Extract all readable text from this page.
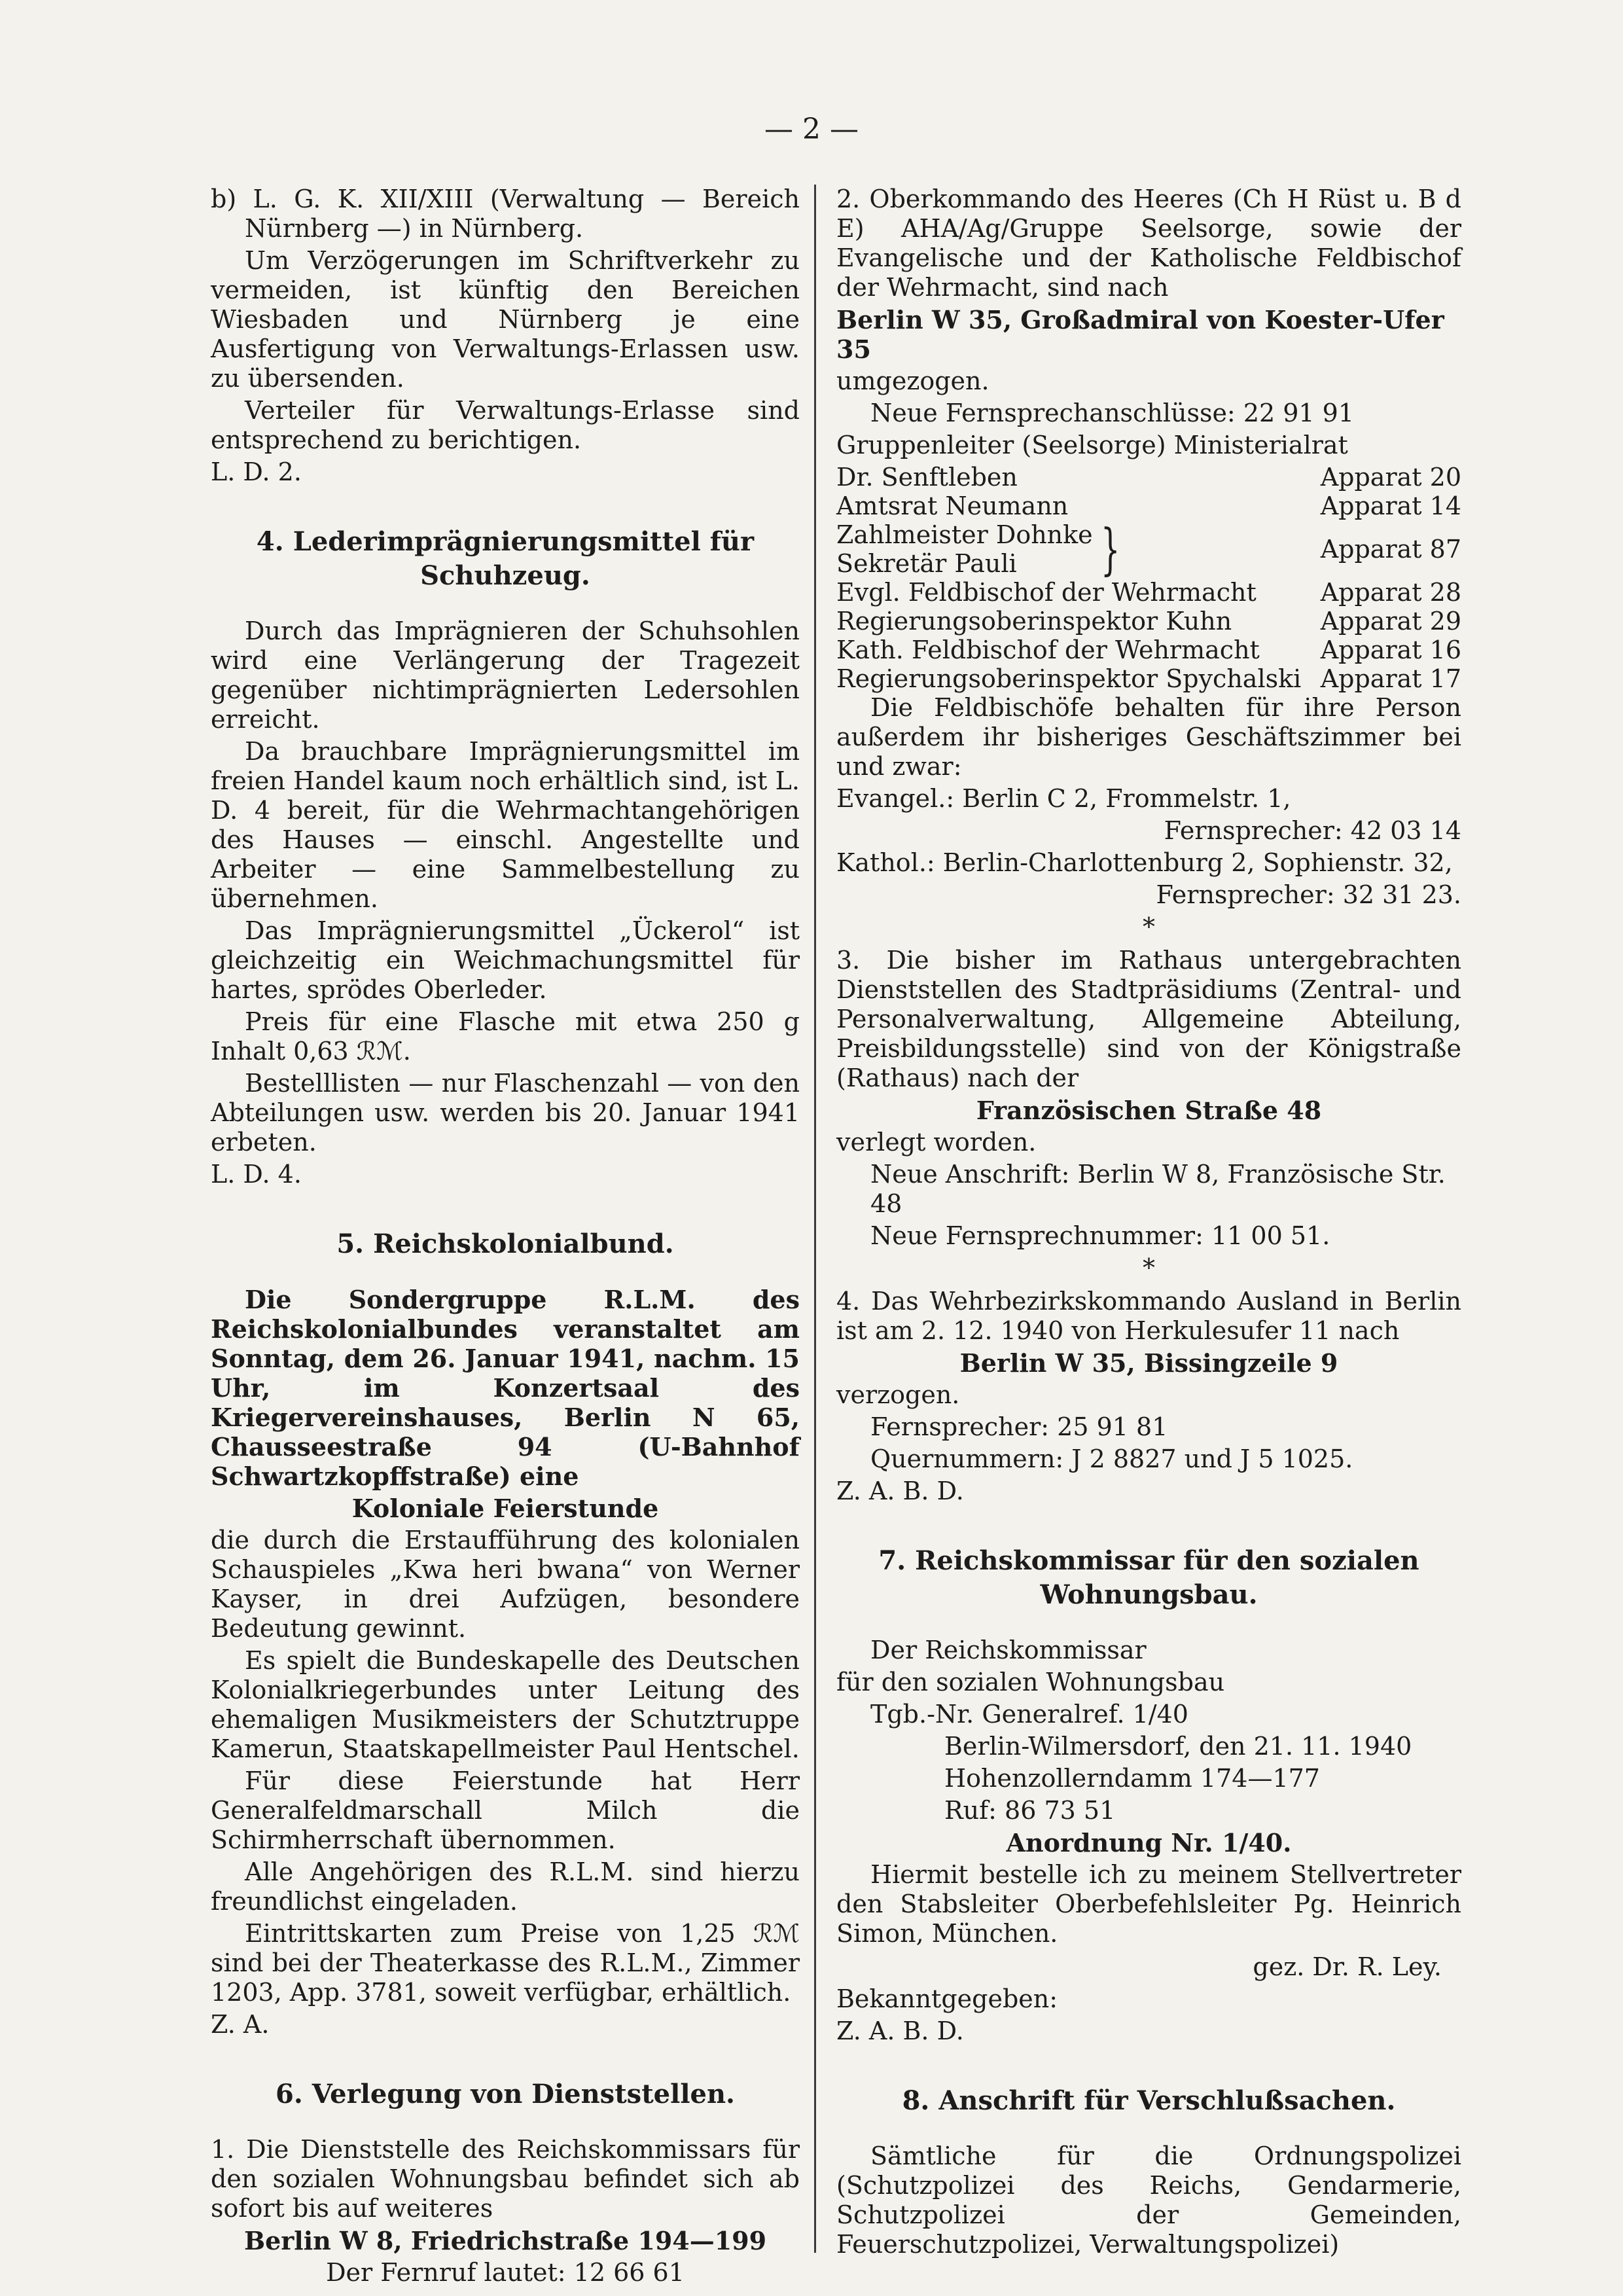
— 2 —

b) L. G. K. XII/XIII (Verwaltung — Bereich Nürnberg —) in Nürnberg.

Um Verzögerungen im Schriftverkehr zu vermeiden, ist künftig den Bereichen Wiesbaden und Nürnberg je eine Ausfertigung von Verwaltungs-Erlassen usw. zu übersenden.

Verteiler für Verwaltungs-Erlasse sind entsprechend zu berichtigen.

L. D. 2.

4. Lederimprägnierungsmittel für Schuhzeug.

Durch das Imprägnieren der Schuhsohlen wird eine Verlängerung der Tragezeit gegenüber nichtimprägnierten Ledersohlen erreicht.

Da brauchbare Imprägnierungsmittel im freien Handel kaum noch erhältlich sind, ist L. D. 4 bereit, für die Wehrmachtangehörigen des Hauses — einschl. Angestellte und Arbeiter — eine Sammelbestellung zu übernehmen.

Das Imprägnierungsmittel „Ückerol“ ist gleichzeitig ein Weichmachungsmittel für hartes, sprödes Oberleder.

Preis für eine Flasche mit etwa 250 g Inhalt 0,63 ℛℳ.

Bestelllisten — nur Flaschenzahl — von den Abteilungen usw. werden bis 20. Januar 1941 erbeten.

L. D. 4.

5. Reichskolonialbund.

Die Sondergruppe R.L.M. des Reichskolonialbundes veranstaltet am Sonntag, dem 26. Januar 1941, nachm. 15 Uhr, im Konzertsaal des Kriegervereinshauses, Berlin N 65, Chausseestraße 94 (U-Bahnhof Schwartzkopffstraße) eine

Koloniale Feierstunde

die durch die Erstaufführung des kolonialen Schauspieles „Kwa heri bwana“ von Werner Kayser, in drei Aufzügen, besondere Bedeutung gewinnt.

Es spielt die Bundeskapelle des Deutschen Kolonialkriegerbundes unter Leitung des ehemaligen Musikmeisters der Schutztruppe Kamerun, Staatskapellmeister Paul Hentschel.

Für diese Feierstunde hat Herr Generalfeldmarschall Milch die Schirmherrschaft übernommen.

Alle Angehörigen des R.L.M. sind hierzu freundlichst eingeladen.

Eintrittskarten zum Preise von 1,25 ℛℳ sind bei der Theaterkasse des R.L.M., Zimmer 1203, App. 3781, soweit verfügbar, erhältlich.

Z. A.

6. Verlegung von Dienststellen.

1. Die Dienststelle des Reichskommissars für den sozialen Wohnungsbau befindet sich ab sofort bis auf weiteres

Berlin W 8, Friedrichstraße 194—199

Der Fernruf lautet: 12 66 61

2. Oberkommando des Heeres (Ch H Rüst u. B d E) AHA/Ag/Gruppe Seelsorge, sowie der Evangelische und der Katholische Feldbischof der Wehrmacht, sind nach

Berlin W 35, Großadmiral von Koester-Ufer 35

umgezogen.

Neue Fernsprechanschlüsse: 22 91 91

Gruppenleiter (Seelsorge) Ministerialrat

Dr. Senftleben	Apparat 20
Amtsrat Neumann	Apparat 14

Zahlmeister Dohnke
Sekretär Pauli }	Apparat 87
Evgl. Feldbischof der Wehrmacht	Apparat 28
Regierungsoberinspektor Kuhn	Apparat 29
Kath. Feldbischof der Wehrmacht	Apparat 16
Regierungsoberinspektor Spychalski	Apparat 17

Die Feldbischöfe behalten für ihre Person außerdem ihr bisheriges Geschäftszimmer bei und zwar:

Evangel.: Berlin C 2, Frommelstr. 1,

Fernsprecher: 42 03 14

Kathol.: Berlin-Charlottenburg 2, Sophienstr. 32,

Fernsprecher: 32 31 23.

*

3. Die bisher im Rathaus untergebrachten Dienststellen des Stadtpräsidiums (Zentral- und Personalverwaltung, Allgemeine Abteilung, Preisbildungsstelle) sind von der Königstraße (Rathaus) nach der

Französischen Straße 48

verlegt worden.

Neue Anschrift: Berlin W 8, Französische Str. 48

Neue Fernsprechnummer: 11 00 51.

*

4. Das Wehrbezirkskommando Ausland in Berlin ist am 2. 12. 1940 von Herkulesufer 11 nach

Berlin W 35, Bissingzeile 9

verzogen.

Fernsprecher: 25 91 81

Quernummern: J 2 8827 und J 5 1025.

Z. A. B. D.

7. Reichskommissar für den sozialen Wohnungsbau.

Der Reichskommissar

für den sozialen Wohnungsbau

Tgb.-Nr. Generalref. 1/40

Berlin-Wilmersdorf, den 21. 11. 1940

Hohenzollerndamm 174—177

Ruf: 86 73 51

Anordnung Nr. 1/40.

Hiermit bestelle ich zu meinem Stellvertreter den Stabsleiter Oberbefehlsleiter Pg. Heinrich Simon, München.

gez. Dr. R. Ley.

Bekanntgegeben:

Z. A. B. D.

8. Anschrift für Verschlußsachen.

Sämtliche für die Ordnungspolizei (Schutzpolizei des Reichs, Gendarmerie, Schutzpolizei der Gemeinden, Feuerschutzpolizei, Verwaltungspolizei)
